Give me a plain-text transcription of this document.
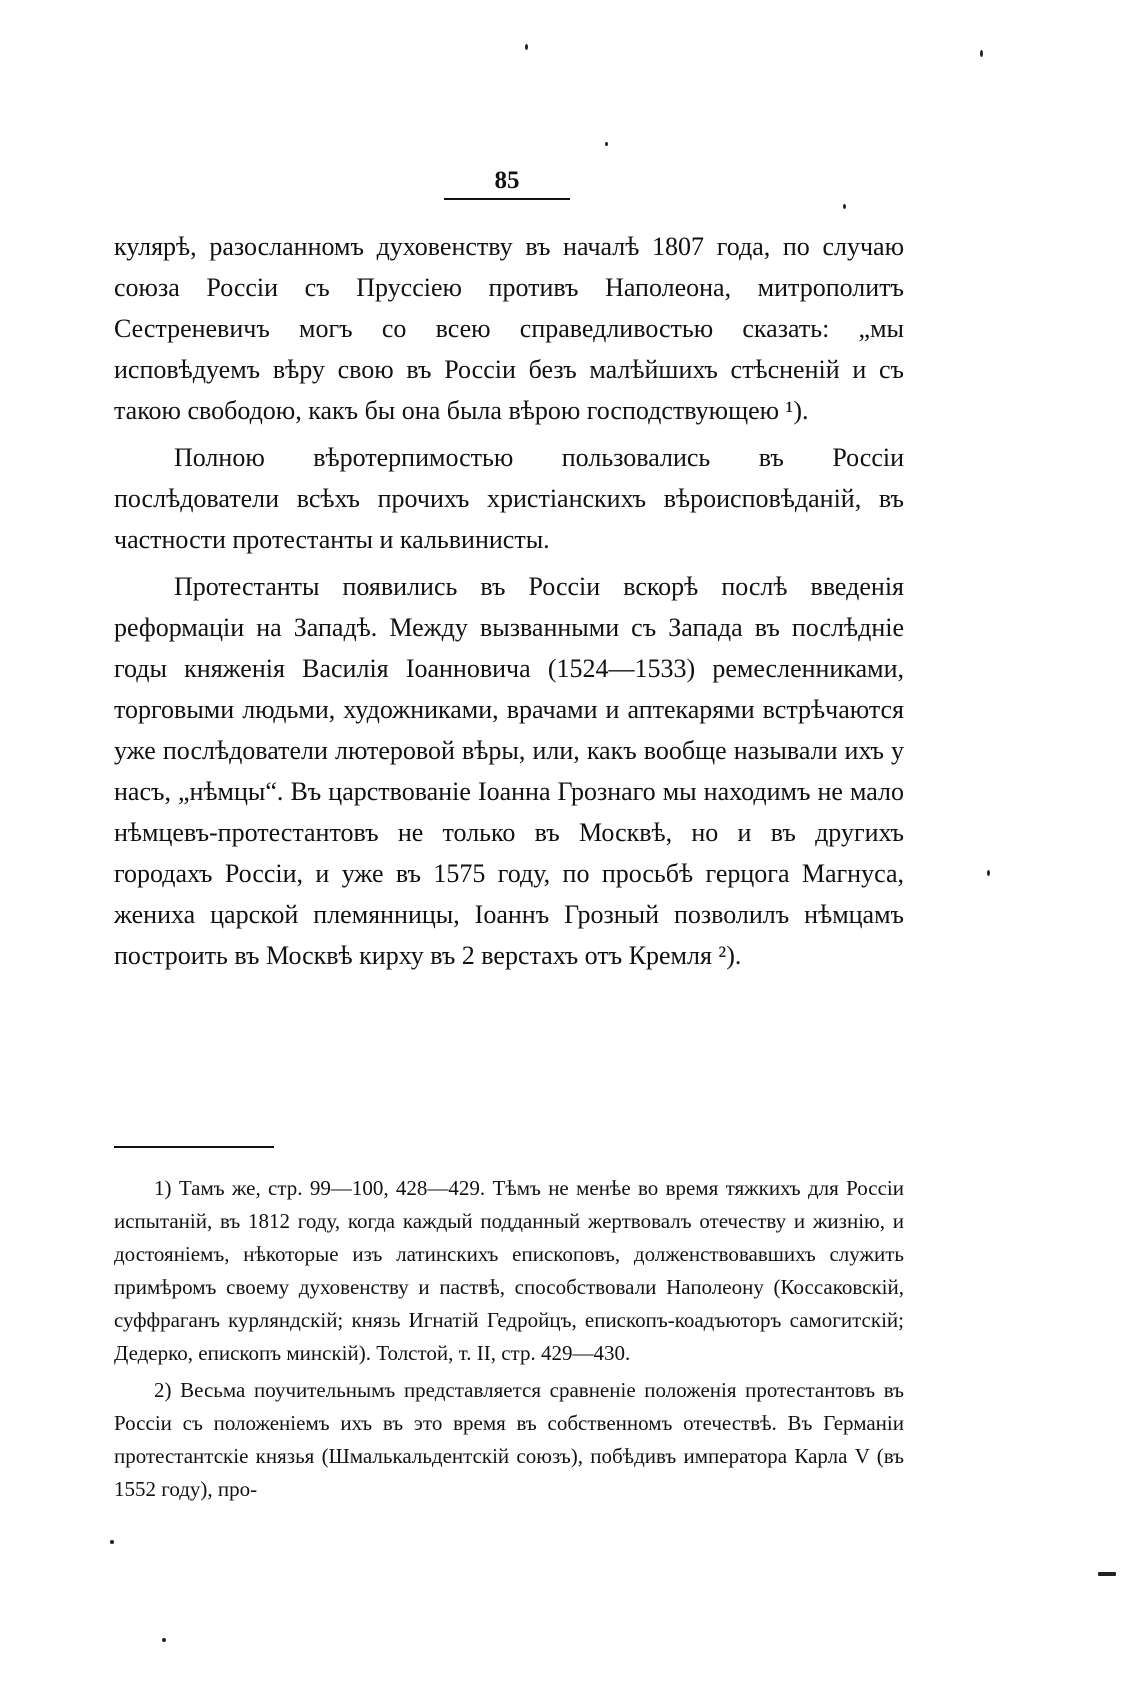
85

кулярѣ, разосланномъ духовенству въ началѣ 1807 года, по случаю союза Россіи съ Пруссіею противъ Наполеона, митрополитъ Сестреневичъ могъ со всею справедливостью сказать: „мы исповѣдуемъ вѣру свою въ Россіи безъ малѣйшихъ стѣсненій и съ такою свободою, какъ бы она была вѣрою господствующею ¹).

Полною вѣротерпимостью пользовались въ Россіи послѣдователи всѣхъ прочихъ христіанскихъ вѣроисповѣданій, въ частности протестанты и кальвинисты.

Протестанты появились въ Россіи вскорѣ послѣ введенія реформаціи на Западѣ. Между вызванными съ Запада въ послѣдніе годы княженія Василія Іоанновича (1524—1533) ремесленниками, торговыми людьми, художниками, врачами и аптекарями встрѣчаются уже послѣдователи лютеровой вѣры, или, какъ вообще называли ихъ у насъ, „нѣмцы“. Въ царствованіе Іоанна Грознаго мы находимъ не мало нѣмцевъ-протестантовъ не только въ Москвѣ, но и въ другихъ городахъ Россіи, и уже въ 1575 году, по просьбѣ герцога Магнуса, жениха царской племянницы, Іоаннъ Грозный позволилъ нѣмцамъ построить въ Москвѣ кирху въ 2 верстахъ отъ Кремля ²).

1) Тамъ же, стр. 99—100, 428—429. Тѣмъ не менѣе во время тяжкихъ для Россіи испытаній, въ 1812 году, когда каждый подданный жертвовалъ отечеству и жизнію, и достояніемъ, нѣкоторые изъ латинскихъ епископовъ, долженствовавшихъ служить примѣромъ своему духовенству и паствѣ, способствовали Наполеону (Коссаковскій, суффраганъ курляндскій; князь Игнатій Гедройцъ, епископъ-коадъюторъ самогитскій; Дедерко, епископъ минскій). Толстой, т. II, стр. 429—430.

2) Весьма поучительнымъ представляется сравненіе положенія протестантовъ въ Россіи съ положеніемъ ихъ въ это время въ собственномъ отечествѣ. Въ Германіи протестантскіе князья (Шмалькальдентскій союзъ), побѣдивъ императора Карла V (въ 1552 году), про-
